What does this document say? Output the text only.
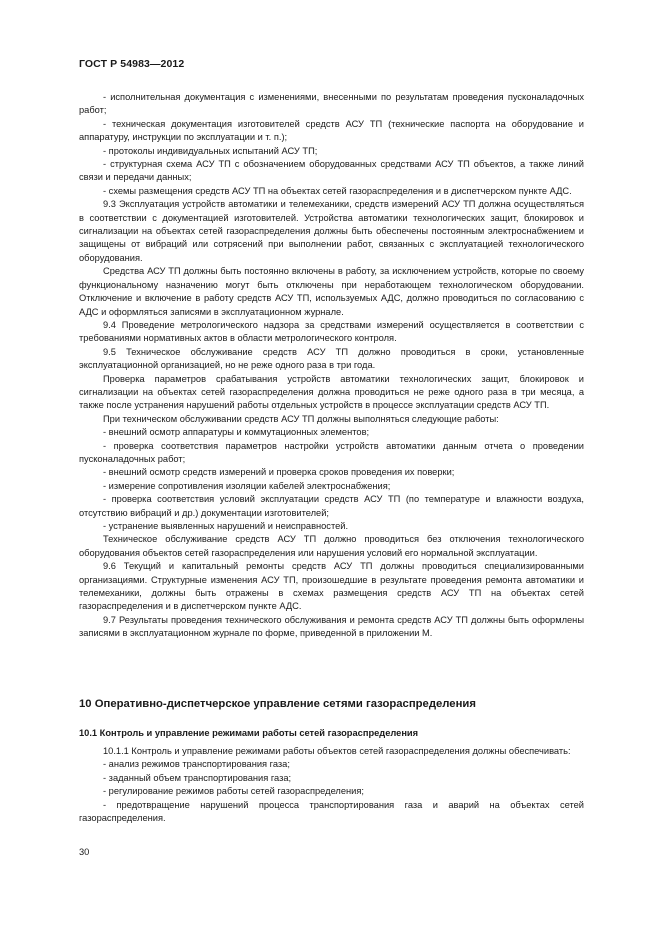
ГОСТ Р 54983—2012

- исполнительная документация с изменениями, внесенными по результатам проведения пусконаладочных работ;

- техническая документация изготовителей средств АСУ ТП (технические паспорта на оборудование и аппаратуру, инструкции по эксплуатации и т. п.);

- протоколы индивидуальных испытаний АСУ ТП;

- структурная схема АСУ ТП с обозначением оборудованных средствами АСУ ТП объектов, а также линий связи и передачи данных;

- схемы размещения средств АСУ ТП на объектах сетей газораспределения и в диспетчерском пункте АДС.

9.3 Эксплуатация устройств автоматики и телемеханики, средств измерений АСУ ТП должна осуществляться в соответствии с документацией изготовителей. Устройства автоматики технологических защит, блокировок и сигнализации на объектах сетей газораспределения должны быть обеспечены постоянным электроснабжением и защищены от вибраций или сотрясений при выполнении работ, связанных с эксплуатацией технологического оборудования.

Средства АСУ ТП должны быть постоянно включены в работу, за исключением устройств, которые по своему функциональному назначению могут быть отключены при неработающем технологическом оборудовании. Отключение и включение в работу средств АСУ ТП, используемых АДС, должно проводиться по согласованию с АДС и оформляться записями в эксплуатационном журнале.

9.4 Проведение метрологического надзора за средствами измерений осуществляется в соответствии с требованиями нормативных актов в области метрологического контроля.

9.5 Техническое обслуживание средств АСУ ТП должно проводиться в сроки, установленные эксплуатационной организацией, но не реже одного раза в три года.

Проверка параметров срабатывания устройств автоматики технологических защит, блокировок и сигнализации на объектах сетей газораспределения должна проводиться не реже одного раза в три месяца, а также после устранения нарушений работы отдельных устройств в процессе эксплуатации средств АСУ ТП.

При техническом обслуживании средств АСУ ТП должны выполняться следующие работы:

- внешний осмотр аппаратуры и коммутационных элементов;

- проверка соответствия параметров настройки устройств автоматики данным отчета о проведении пусконаладочных работ;

- внешний осмотр средств измерений и проверка сроков проведения их поверки;

- измерение сопротивления изоляции кабелей электроснабжения;

- проверка соответствия условий эксплуатации средств АСУ ТП (по температуре и влажности воздуха, отсутствию вибраций и др.) документации изготовителей;

- устранение выявленных нарушений и неисправностей.

Техническое обслуживание средств АСУ ТП должно проводиться без отключения технологического оборудования объектов сетей газораспределения или нарушения условий его нормальной эксплуатации.

9.6 Текущий и капитальный ремонты средств АСУ ТП должны проводиться специализированными организациями. Структурные изменения АСУ ТП, произошедшие в результате проведения ремонта автоматики и телемеханики, должны быть отражены в схемах размещения средств АСУ ТП на объектах сетей газораспределения и в диспетчерском пункте АДС.

9.7 Результаты проведения технического обслуживания и ремонта средств АСУ ТП должны быть оформлены записями в эксплуатационном журнале по форме, приведенной в приложении М.

10 Оперативно-диспетчерское управление сетями газораспределения
10.1 Контроль и управление режимами работы сетей газораспределения

10.1.1 Контроль и управление режимами работы объектов сетей газораспределения должны обеспечивать:

- анализ режимов транспортирования газа;

- заданный объем транспортирования газа;

- регулирование режимов работы сетей газораспределения;

- предотвращение нарушений процесса транспортирования газа и аварий на объектах сетей газораспределения.

30
